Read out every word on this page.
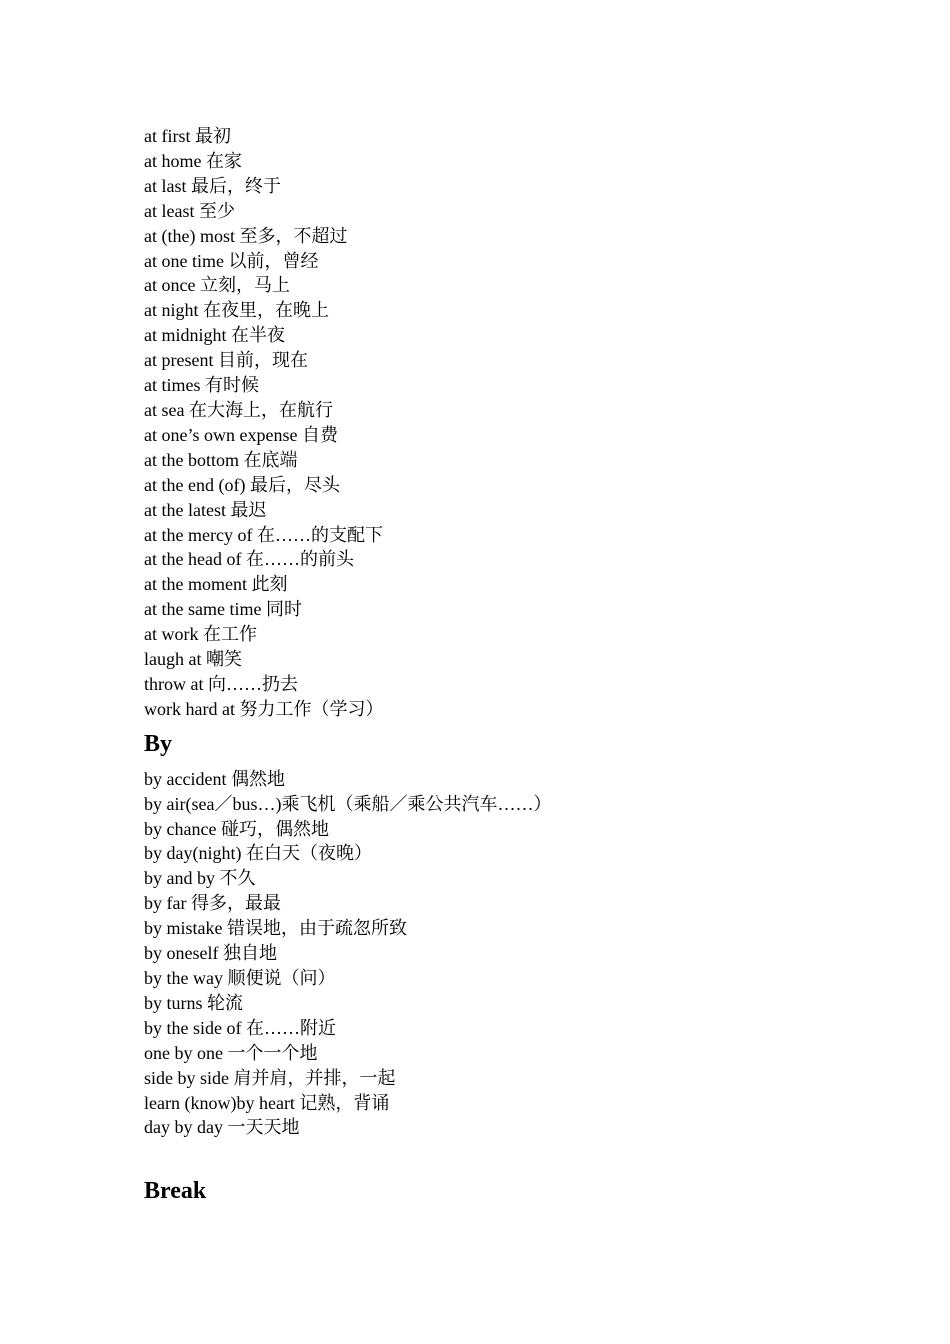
at first 最初
at home 在家
at last 最后，终于
at least 至少
at (the) most 至多，不超过
at one time 以前，曾经
at once 立刻，马上
at night 在夜里，在晚上
at midnight 在半夜
at present 目前，现在
at times 有时候
at sea 在大海上，在航行
at one’s own expense 自费
at the bottom 在底端
at the end (of) 最后，尽头
at the latest 最迟
at the mercy of 在……的支配下
at the head of 在……的前头
at the moment 此刻
at the same time 同时
at work 在工作
laugh at 嘲笑
throw at 向……扔去
work hard at 努力工作（学习）
By
by accident 偶然地
by air(sea／bus…)乘飞机（乘船／乘公共汽车……）
by chance 碰巧，偶然地
by day(night) 在白天（夜晚）
by and by 不久
by far 得多，最最
by mistake 错误地，由于疏忽所致
by oneself 独自地
by the way 顺便说（问）
by turns 轮流
by the side of 在……附近
one by one 一个一个地
side by side 肩并肩，并排，一起
learn (know)by heart 记熟，背诵
day by day 一天天地
Break
